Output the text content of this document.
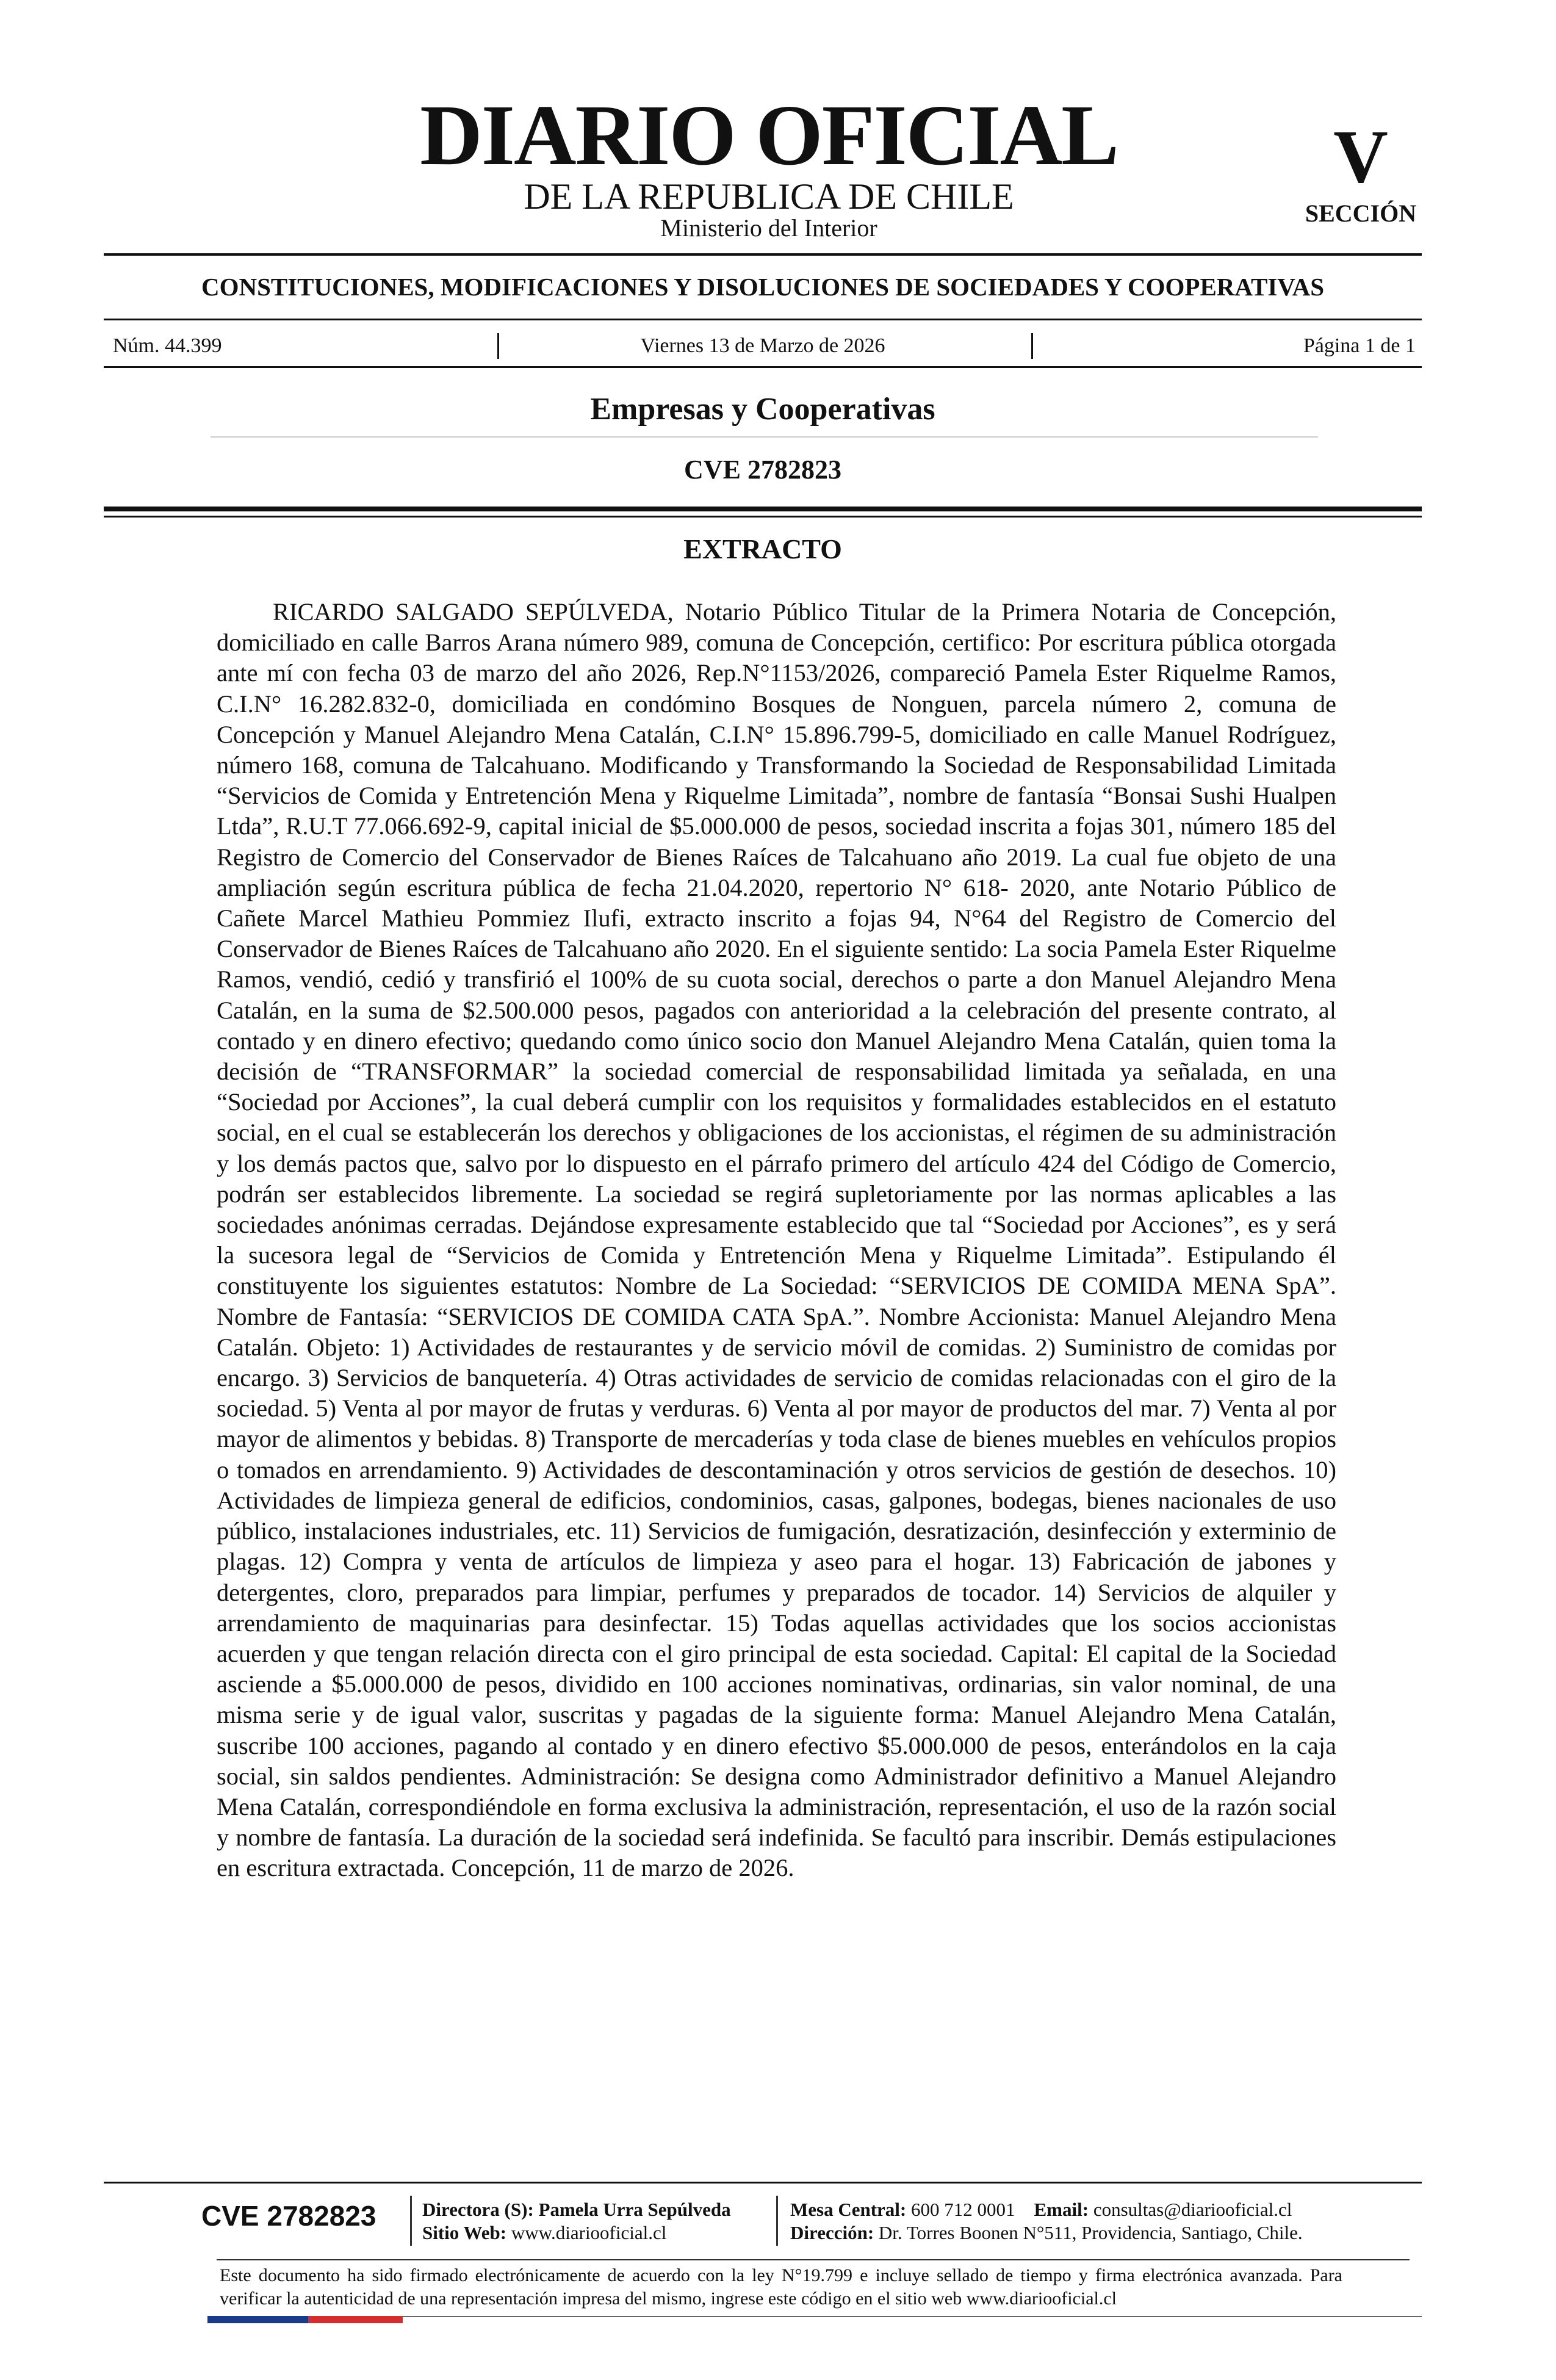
DIARIO OFICIAL
DE LA REPUBLICA DE CHILE
Ministerio del Interior
V
SECCIÓN
CONSTITUCIONES, MODIFICACIONES Y DISOLUCIONES DE SOCIEDADES Y COOPERATIVAS
Núm. 44.399	Viernes 13 de Marzo de 2026	Página 1 de 1
Empresas y Cooperativas
CVE 2782823
EXTRACTO
RICARDO SALGADO SEPÚLVEDA, Notario Público Titular de la Primera Notaria de Concepción, domiciliado en calle Barros Arana número 989, comuna de Concepción, certifico: Por escritura pública otorgada ante mí con fecha 03 de marzo del año 2026, Rep.N°1153/2026, compareció Pamela Ester Riquelme Ramos, C.I.N° 16.282.832-0, domiciliada en condómino Bosques de Nonguen, parcela número 2, comuna de Concepción y Manuel Alejandro Mena Catalán, C.I.N° 15.896.799-5, domiciliado en calle Manuel Rodríguez, número 168, comuna de Talcahuano. Modificando y Transformando la Sociedad de Responsabilidad Limitada “Servicios de Comida y Entretención Mena y Riquelme Limitada”, nombre de fantasía “Bonsai Sushi Hualpen Ltda”, R.U.T 77.066.692-9, capital inicial de $5.000.000 de pesos, sociedad inscrita a fojas 301, número 185 del Registro de Comercio del Conservador de Bienes Raíces de Talcahuano año 2019. La cual fue objeto de una ampliación según escritura pública de fecha 21.04.2020, repertorio N° 618- 2020, ante Notario Público de Cañete Marcel Mathieu Pommiez Ilufi, extracto inscrito a fojas 94, N°64 del Registro de Comercio del Conservador de Bienes Raíces de Talcahuano año 2020. En el siguiente sentido: La socia Pamela Ester Riquelme Ramos, vendió, cedió y transfirió el 100% de su cuota social, derechos o parte a don Manuel Alejandro Mena Catalán, en la suma de $2.500.000 pesos, pagados con anterioridad a la celebración del presente contrato, al contado y en dinero efectivo; quedando como único socio don Manuel Alejandro Mena Catalán, quien toma la decisión de “TRANSFORMAR” la sociedad comercial de responsabilidad limitada ya señalada, en una “Sociedad por Acciones”, la cual deberá cumplir con los requisitos y formalidades establecidos en el estatuto social, en el cual se establecerán los derechos y obligaciones de los accionistas, el régimen de su administración y los demás pactos que, salvo por lo dispuesto en el párrafo primero del artículo 424 del Código de Comercio, podrán ser establecidos libremente. La sociedad se regirá supletoriamente por las normas aplicables a las sociedades anónimas cerradas. Dejándose expresamente establecido que tal “Sociedad por Acciones”, es y será la sucesora legal de “Servicios de Comida y Entretención Mena y Riquelme Limitada”. Estipulando él constituyente los siguientes estatutos: Nombre de La Sociedad: “SERVICIOS DE COMIDA MENA SpA”. Nombre de Fantasía: “SERVICIOS DE COMIDA CATA SpA.”. Nombre Accionista: Manuel Alejandro Mena Catalán. Objeto: 1) Actividades de restaurantes y de servicio móvil de comidas. 2) Suministro de comidas por encargo. 3) Servicios de banquetería. 4) Otras actividades de servicio de comidas relacionadas con el giro de la sociedad. 5) Venta al por mayor de frutas y verduras. 6) Venta al por mayor de productos del mar. 7) Venta al por mayor de alimentos y bebidas. 8) Transporte de mercaderías y toda clase de bienes muebles en vehículos propios o tomados en arrendamiento. 9) Actividades de descontaminación y otros servicios de gestión de desechos. 10) Actividades de limpieza general de edificios, condominios, casas, galpones, bodegas, bienes nacionales de uso público, instalaciones industriales, etc. 11) Servicios de fumigación, desratización, desinfección y exterminio de plagas. 12) Compra y venta de artículos de limpieza y aseo para el hogar. 13) Fabricación de jabones y detergentes, cloro, preparados para limpiar, perfumes y preparados de tocador. 14) Servicios de alquiler y arrendamiento de maquinarias para desinfectar. 15) Todas aquellas actividades que los socios accionistas acuerden y que tengan relación directa con el giro principal de esta sociedad. Capital: El capital de la Sociedad asciende a $5.000.000 de pesos, dividido en 100 acciones nominativas, ordinarias, sin valor nominal, de una misma serie y de igual valor, suscritas y pagadas de la siguiente forma: Manuel Alejandro Mena Catalán, suscribe 100 acciones, pagando al contado y en dinero efectivo $5.000.000 de pesos, enterándolos en la caja social, sin saldos pendientes. Administración: Se designa como Administrador definitivo a Manuel Alejandro Mena Catalán, correspondiéndole en forma exclusiva la administración, representación, el uso de la razón social y nombre de fantasía. La duración de la sociedad será indefinida. Se facultó para inscribir. Demás estipulaciones en escritura extractada. Concepción, 11 de marzo de 2026.
CVE 2782823	Directora (S): Pamela Urra Sepúlveda
Sitio Web: www.diariooficial.cl
Mesa Central: 600 712 0001 Email: consultas@diariooficial.cl
Dirección: Dr. Torres Boonen N°511, Providencia, Santiago, Chile.
Este documento ha sido firmado electrónicamente de acuerdo con la ley N°19.799 e incluye sellado de tiempo y firma electrónica avanzada. Para verificar la autenticidad de una representación impresa del mismo, ingrese este código en el sitio web www.diariooficial.cl
